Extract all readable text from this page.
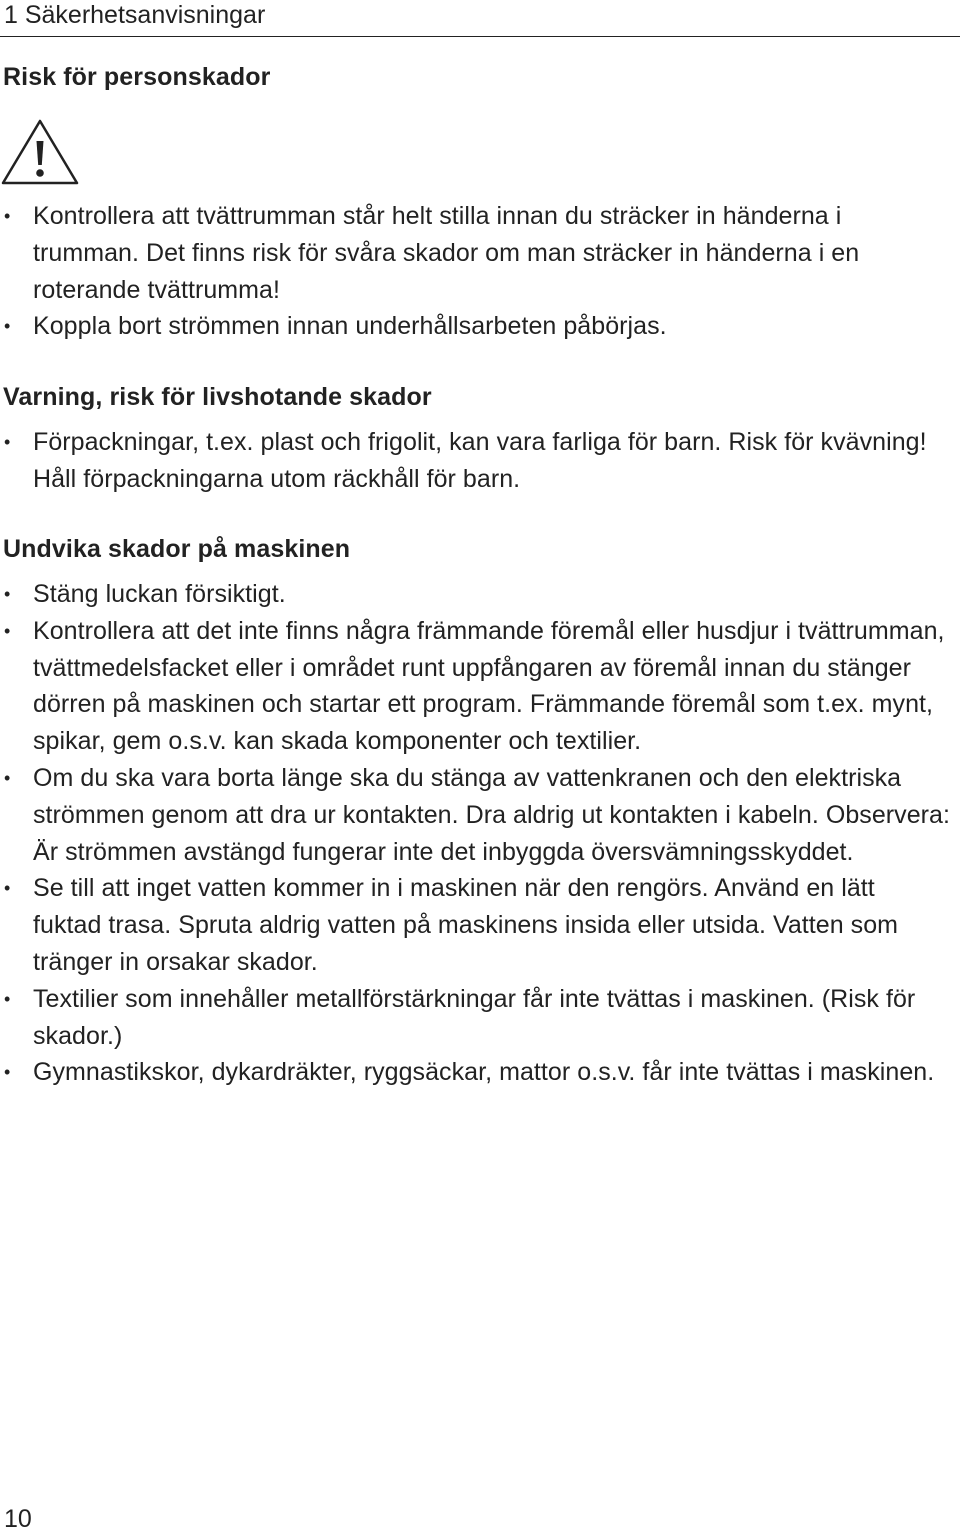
1 Säkerhetsanvisningar
Risk för personskador
• Kontrollera att tvättrumman står helt stilla innan du sträcker in händerna i trumman. Det finns risk för svåra skador om man sträcker in händerna i en roterande tvättrumma!
• Koppla bort strömmen innan underhållsarbeten påbörjas.
Varning, risk för livshotande skador
• Förpackningar, t.ex. plast och frigolit, kan vara farliga för barn. Risk för kvävning! Håll förpackningarna utom räckhåll för barn.
Undvika skador på maskinen
• Stäng luckan försiktigt.
• Kontrollera att det inte finns några främmande föremål eller husdjur i tvättrumman, tvättmedelsfacket eller i området runt uppfångaren av föremål innan du stänger dörren på maskinen och startar ett program. Främmande föremål som t.ex. mynt, spikar, gem o.s.v. kan skada komponenter och textilier.
• Om du ska vara borta länge ska du stänga av vattenkranen och den elektriska strömmen genom att dra ur kontakten. Dra aldrig ut kontakten i kabeln. Observera: Är strömmen avstängd fungerar inte det inbyggda översvämningsskyddet.
• Se till att inget vatten kommer in i maskinen när den rengörs. Använd en lätt fuktad trasa. Spruta aldrig vatten på maskinens insida eller utsida. Vatten som tränger in orsakar skador.
• Textilier som innehåller metallförstärkningar får inte tvättas i maskinen. (Risk för skador.)
• Gymnastikskor, dykardräkter, ryggsäckar, mattor o.s.v. får inte tvättas i maskinen.
10
